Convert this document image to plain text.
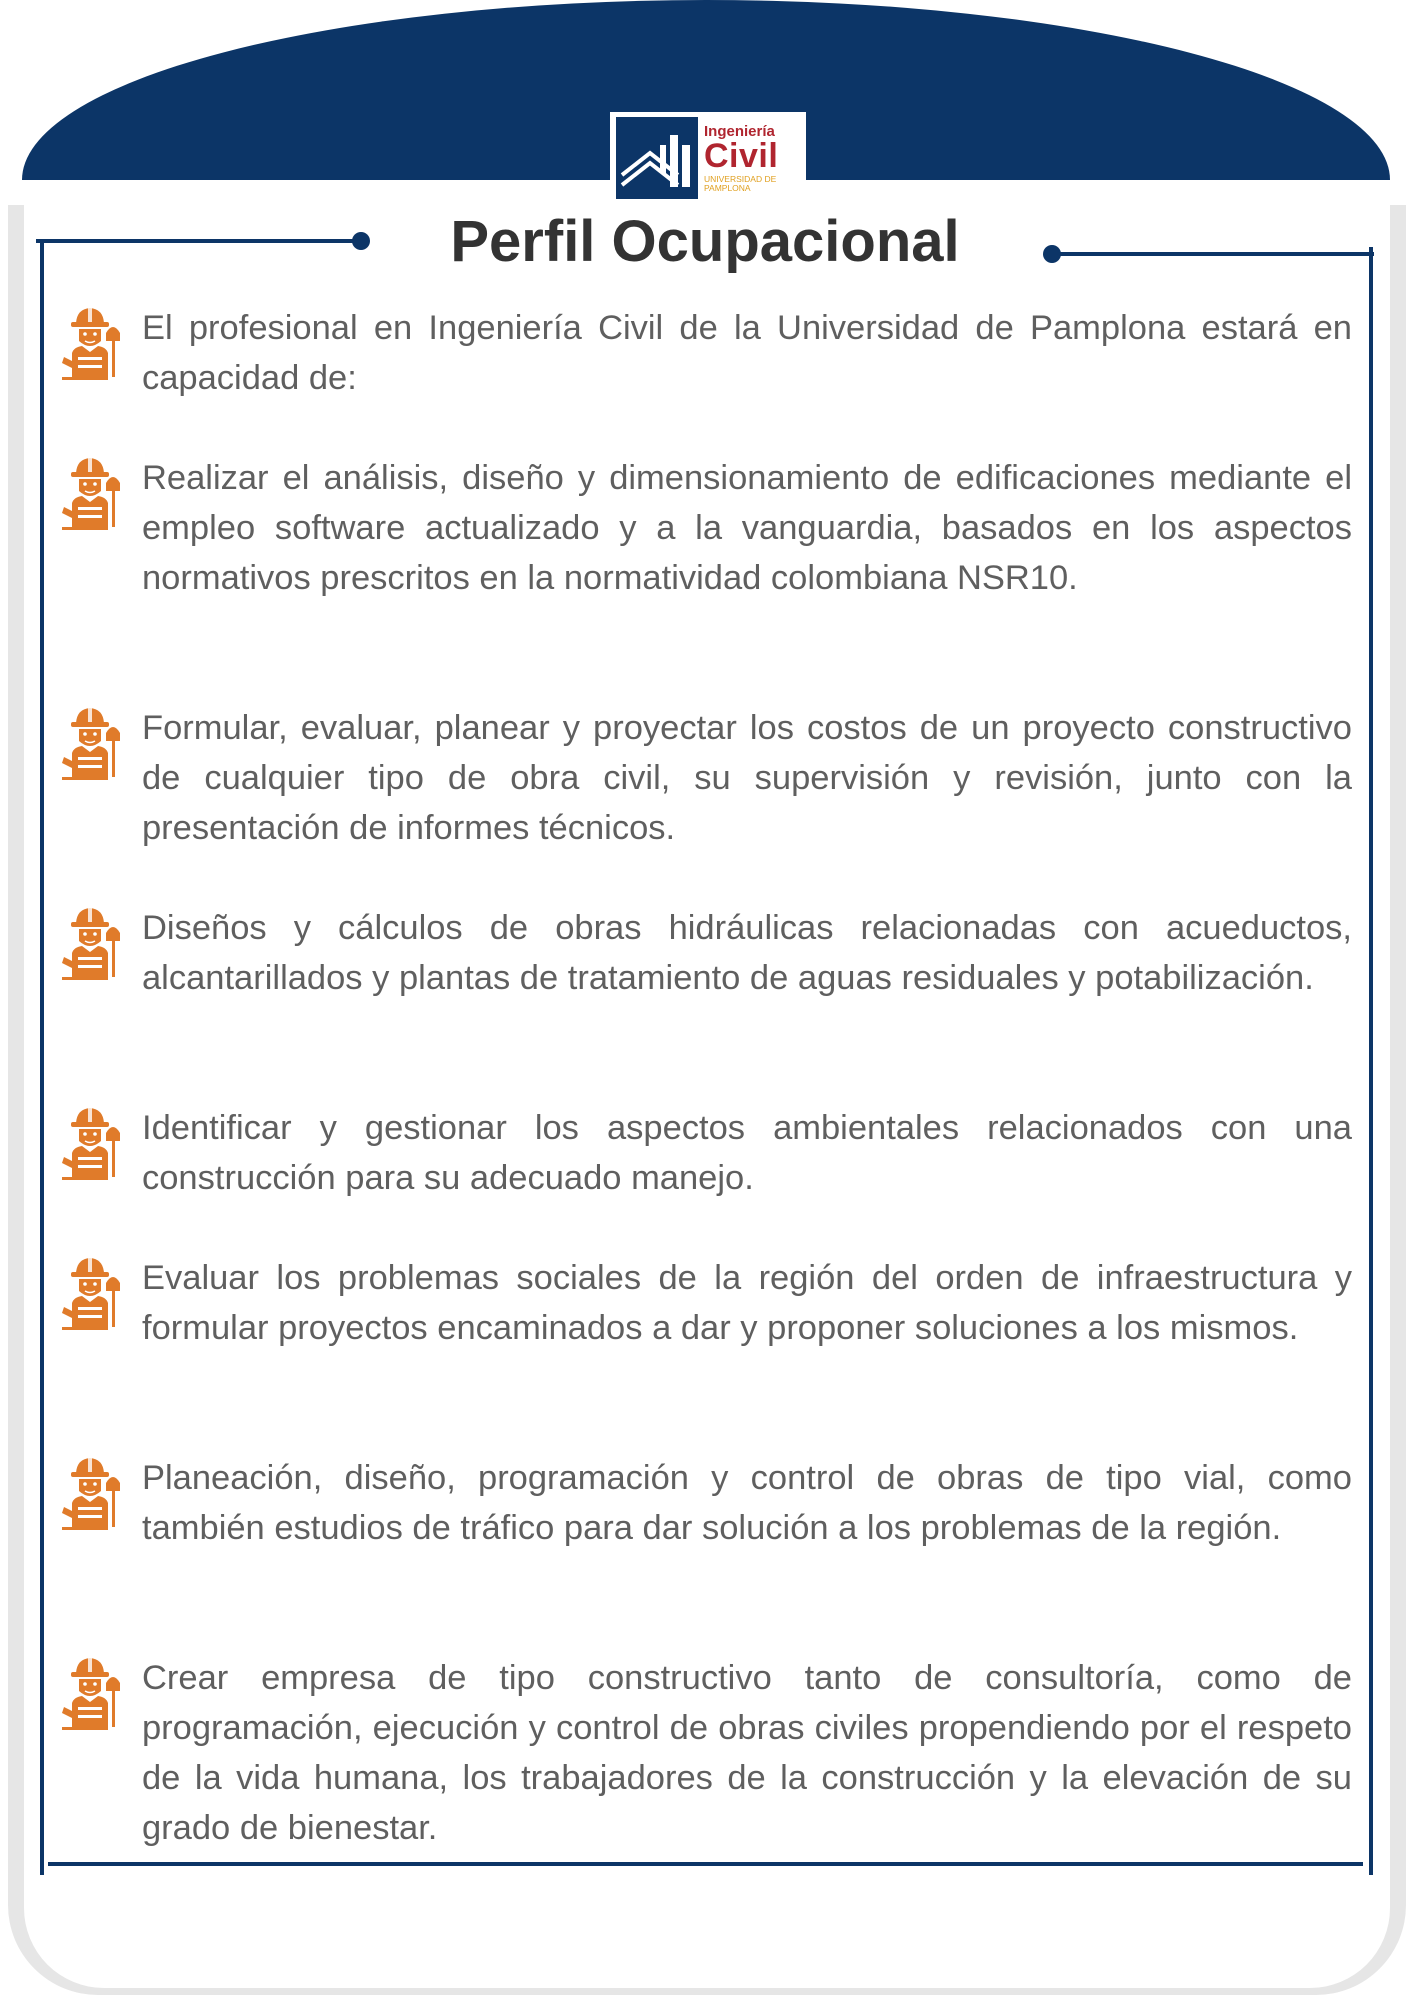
Ingeniería
Civil
UNIVERSIDAD DE PAMPLONA
Perfil Ocupacional

El profesional en Ingeniería Civil de la Universidad de Pamplona estará en capacidad de:

Realizar el análisis, diseño y dimensionamiento de edificaciones mediante el empleo software actualizado y a la vanguardia, basados en los aspectos normativos prescritos en la normatividad colombiana NSR10.

Formular, evaluar, planear y proyectar los costos de un proyecto constructivo de cualquier tipo de obra civil, su supervisión y revisión, junto con la presentación de informes técnicos.

Diseños y cálculos de obras hidráulicas relacionadas con acueductos, alcantarillados y plantas de tratamiento de aguas residuales y potabilización.

Identificar y gestionar los aspectos ambientales relacionados con una construcción para su adecuado manejo.

Evaluar los problemas sociales de la región del orden de infraestructura y formular proyectos encaminados a dar y proponer soluciones a los mismos.

Planeación, diseño, programación y control de obras de tipo vial, como también estudios de tráfico para dar solución a los problemas de la región.

Crear empresa de tipo constructivo tanto de consultoría, como de programación, ejecución y control de obras civiles propendiendo por el respeto de la vida humana, los trabajadores de la construcción y la elevación de su grado de bienestar.
